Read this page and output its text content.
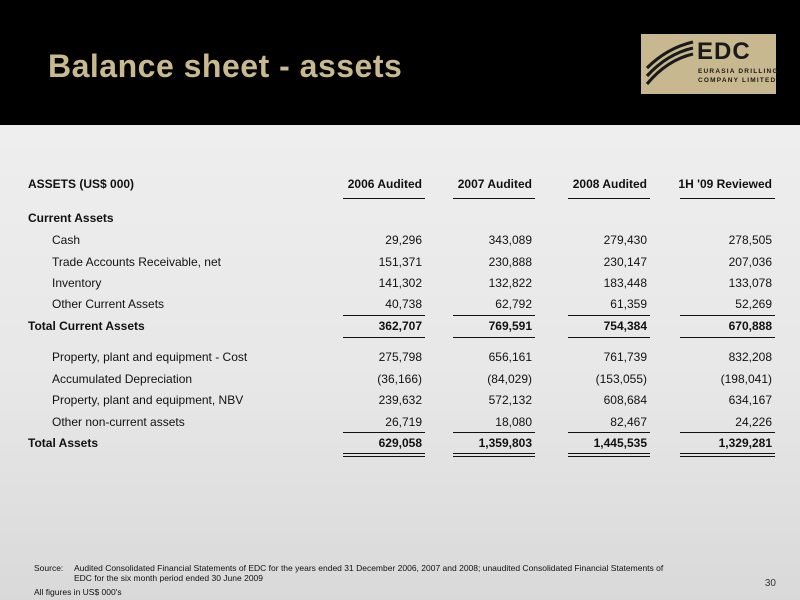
Balance sheet - assets	EDC
EURASIA DRILLING
COMPANY LIMITED
ASSETS (US$ 000)	2006 Audited	2007 Audited	2008 Audited	1H '09 Reviewed
Current Assets
Cash	29,296	343,089	279,430	278,505
Trade Accounts Receivable, net	151,371	230,888	230,147	207,036
Inventory	141,302	132,822	183,448	133,078
Other Current Assets	40,738	62,792	61,359	52,269
Total Current Assets	362,707	769,591	754,384	670,888
Property, plant and equipment - Cost	275,798	656,161	761,739	832,208
Accumulated Depreciation	(36,166)	(84,029)	(153,055)	(198,041)
Property, plant and equipment, NBV	239,632	572,132	608,684	634,167
Other non-current assets	26,719	18,080	82,467	24,226
Total Assets	629,058	1,359,803	1,445,535	1,329,281
Source: Audited Consolidated Financial Statements of EDC for the years ended 31 December 2006, 2007 and 2008; unaudited Consolidated Financial Statements of EDC for the six month period ended 30 June 2009
All figures in US$ 000's
30
